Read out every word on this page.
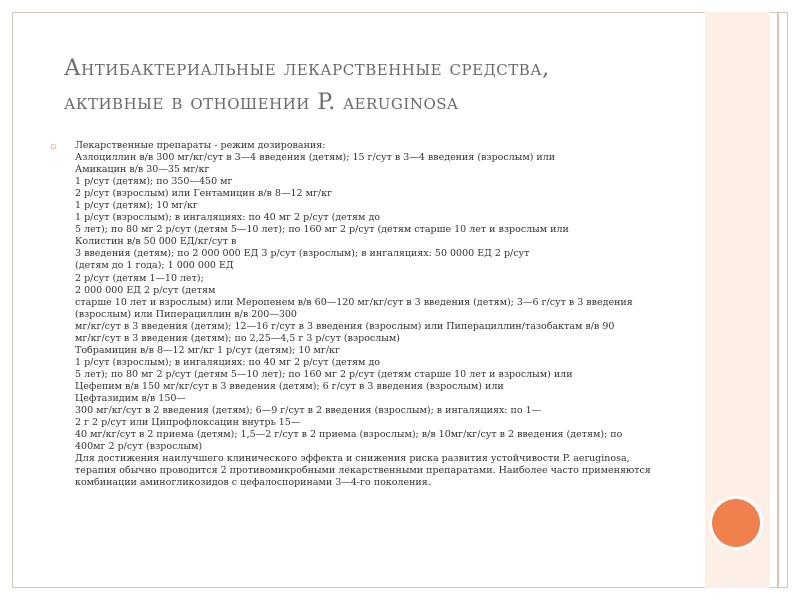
Антибактериальные лекарственные средства,
активные в отношении P. aeruginosa
▫ Лекарственные препараты - режим дозирования:
Азлоциллин в/в 300 мг/кг/сут в 3—4 введения (детям); 15 г/сут в 3—4 введения (взрослым) или
Амикацин в/в 30—35 мг/кг
1 р/сут (детям); по 350—450 мг
2 р/сут (взрослым) или Гентамицин в/в 8—12 мг/кг
1 р/сут (детям); 10 мг/кг
1 р/сут (взрослым); в ингаляциях: по 40 мг 2 р/сут (детям до
5 лет); по 80 мг 2 р/сут (детям 5—10 лет); по 160 мг 2 р/сут (детям старше 10 лет и взрослым или
Колистин в/в 50 000 ЕД/кг/сут в
3 введения (детям); по 2 000 000 ЕД 3 р/сут (взрослым); в ингаляциях: 50 0000 ЕД 2 р/сут
(детям до 1 года); 1 000 000 ЕД
2 р/сут (детям 1—10 лет);
2 000 000 ЕД 2 р/сут (детям
старше 10 лет и взрослым) или Меропенем в/в 60—120 мг/кг/сут в 3 введения (детям); 3—6 г/сут в 3 введения
(взрослым) или Пиперациллин в/в 200—300
мг/кг/сут в 3 введения (детям); 12—16 г/сут в 3 введения (взрослым) или Пиперациллин/тазобактам в/в 90
мг/кг/сут в 3 введения (детям); по 2,25—4,5 г 3 р/сут (взрослым)
Тобрамицин в/в 8—12 мг/кг 1 р/сут (детям); 10 мг/кг
1 р/сут (взрослым); в ингаляциях: по 40 мг 2 р/сут (детям до
5 лет); по 80 мг 2 р/сут (детям 5—10 лет); по 160 мг 2 р/сут (детям старше 10 лет и взрослым) или
Цефепим в/в 150 мг/кг/сут в 3 введения (детям); 6 г/сут в 3 введения (взрослым) или
Цефтазидим в/в 150—
300 мг/кг/сут в 2 введения (детям); 6—9 г/сут в 2 введения (взрослым); в ингаляциях: по 1—
2 г 2 р/сут или Ципрофлоксацин внутрь 15—
40 мг/кг/сут в 2 приема (детям); 1,5—2 г/сут в 2 приема (взрослым); в/в 10мг/кг/сут в 2 введения (детям); по
400мг 2 р/сут (взрослым)
Для достижения наилучшего клинического эффекта и снижения риска развития устойчивости P. aeruginosa,
терапия обычно проводится 2 противомикробными лекарственными препаратами. Наиболее часто применяются
комбинации аминогликозидов с цефалоспоринами 3—4-го поколения.
